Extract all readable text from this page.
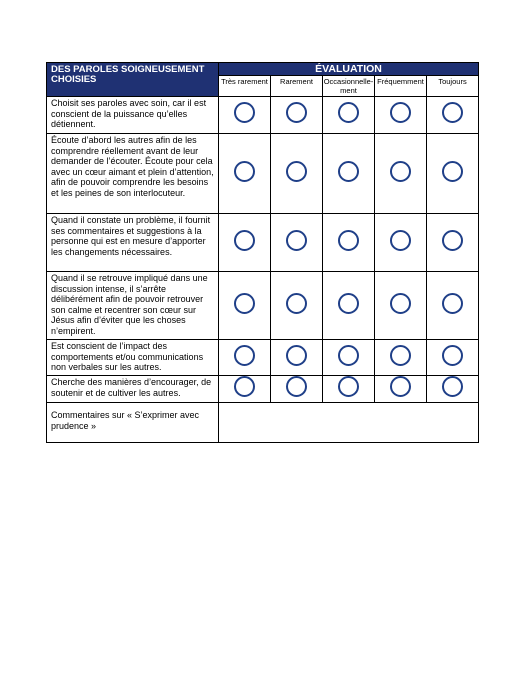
DES PAROLES SOIGNEUSEMENT CHOISIES	ÉVALUATION				
	Très rarement	Rarement	Occasionnelle-ment	Fréquemment	Toujours
Choisit ses paroles avec soin, car il est conscient de la puissance qu’elles détiennent.					
Écoute d’abord les autres afin de les comprendre réellement avant de leur demander de l’écouter. Écoute pour cela avec un cœur aimant et plein d’attention, afin de pouvoir comprendre les besoins et les peines de son interlocuteur.					
Quand il constate un problème, il fournit ses commentaires et suggestions à la personne qui est en mesure d’apporter les changements nécessaires.					
Quand il se retrouve impliqué dans une discussion intense, il s’arrête délibérément afin de pouvoir retrouver son calme et recentrer son cœur sur Jésus afin d’éviter que les choses n’empirent.					
Est conscient de l’impact des comportements et/ou communications non verbales sur les autres.					
Cherche des manières d’encourager, de soutenir et de cultiver les autres.					
Commentaires sur « S’exprimer avec prudence »					
